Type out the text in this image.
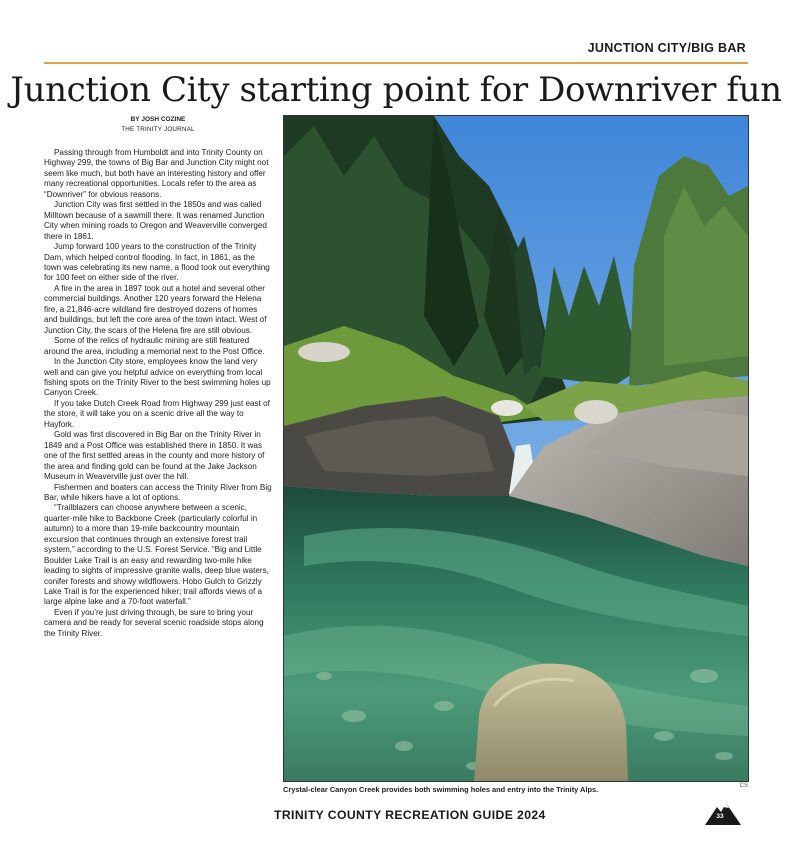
JUNCTION CITY/BIG BAR
Junction City starting point for Downriver fun
BY JOSH COZINE
THE TRINITY JOURNAL

Passing through from Humboldt and into Trinity County on Highway 299, the towns of Big Bar and Junction City might not seem like much, but both have an interesting history and offer many recreational opportunities. Locals refer to the area as “Downriver” for obvious reasons.

Junction City was first settled in the 1850s and was called Milltown because of a sawmill there. It was renamed Junction City when mining roads to Oregon and Weaverville converged there in 1861.

Jump forward 100 years to the construction of the Trinity Dam, which helped control flooding. In fact, in 1861, as the town was celebrating its new name, a flood took out everything for 100 feet on either side of the river.

A fire in the area in 1897 took out a hotel and several other commercial buildings. Another 120 years forward the Helena fire, a 21,846-acre wildland fire destroyed dozens of homes and buildings, but left the core area of the town intact. West of Junction City, the scars of the Helena fire are still obvious.

Some of the relics of hydraulic mining are still featured around the area, including a memorial next to the Post Office.

In the Junction City store, employees know the land very well and can give you helpful advice on everything from local fishing spots on the Trinity River to the best swimming holes up Canyon Creek.

If you take Dutch Creek Road from Highway 299 just east of the store, it will take you on a scenic drive all the way to Hayfork.

Gold was first discovered in Big Bar on the Trinity River in 1849 and a Post Office was established there in 1850. It was one of the first settled areas in the county and more history of the area and finding gold can be found at the Jake Jackson Museum in Weaverville just over the hill.

Fishermen and boaters can access the Trinity River from Big Bar, while hikers have a lot of options.

“Trailblazers can choose anywhere between a scenic, quarter-mile hike to Backbone Creek (particularly colorful in autumn) to a more than 19-mile backcountry mountain excursion that continues through an extensive forest trail system,” according to the U.S. Forest Service. “Big and Little Boulder Lake Trail is an easy and rewarding two-mile hike leading to sights of impressive granite walls, deep blue waters, conifer forests and showy wildflowers. Hobo Gulch to Grizzly Lake Trail is for the experienced hiker; trail affords views of a large alpine lake and a 70-foot waterfall.”

Even if you’re just driving through, be sure to bring your camera and be ready for several scenic roadside stops along the Trinity River.

Crystal-clear Canyon Creek provides both swimming holes and entry into the Trinity Alps.	CS
TRINITY COUNTY RECREATION GUIDE 2024	33
